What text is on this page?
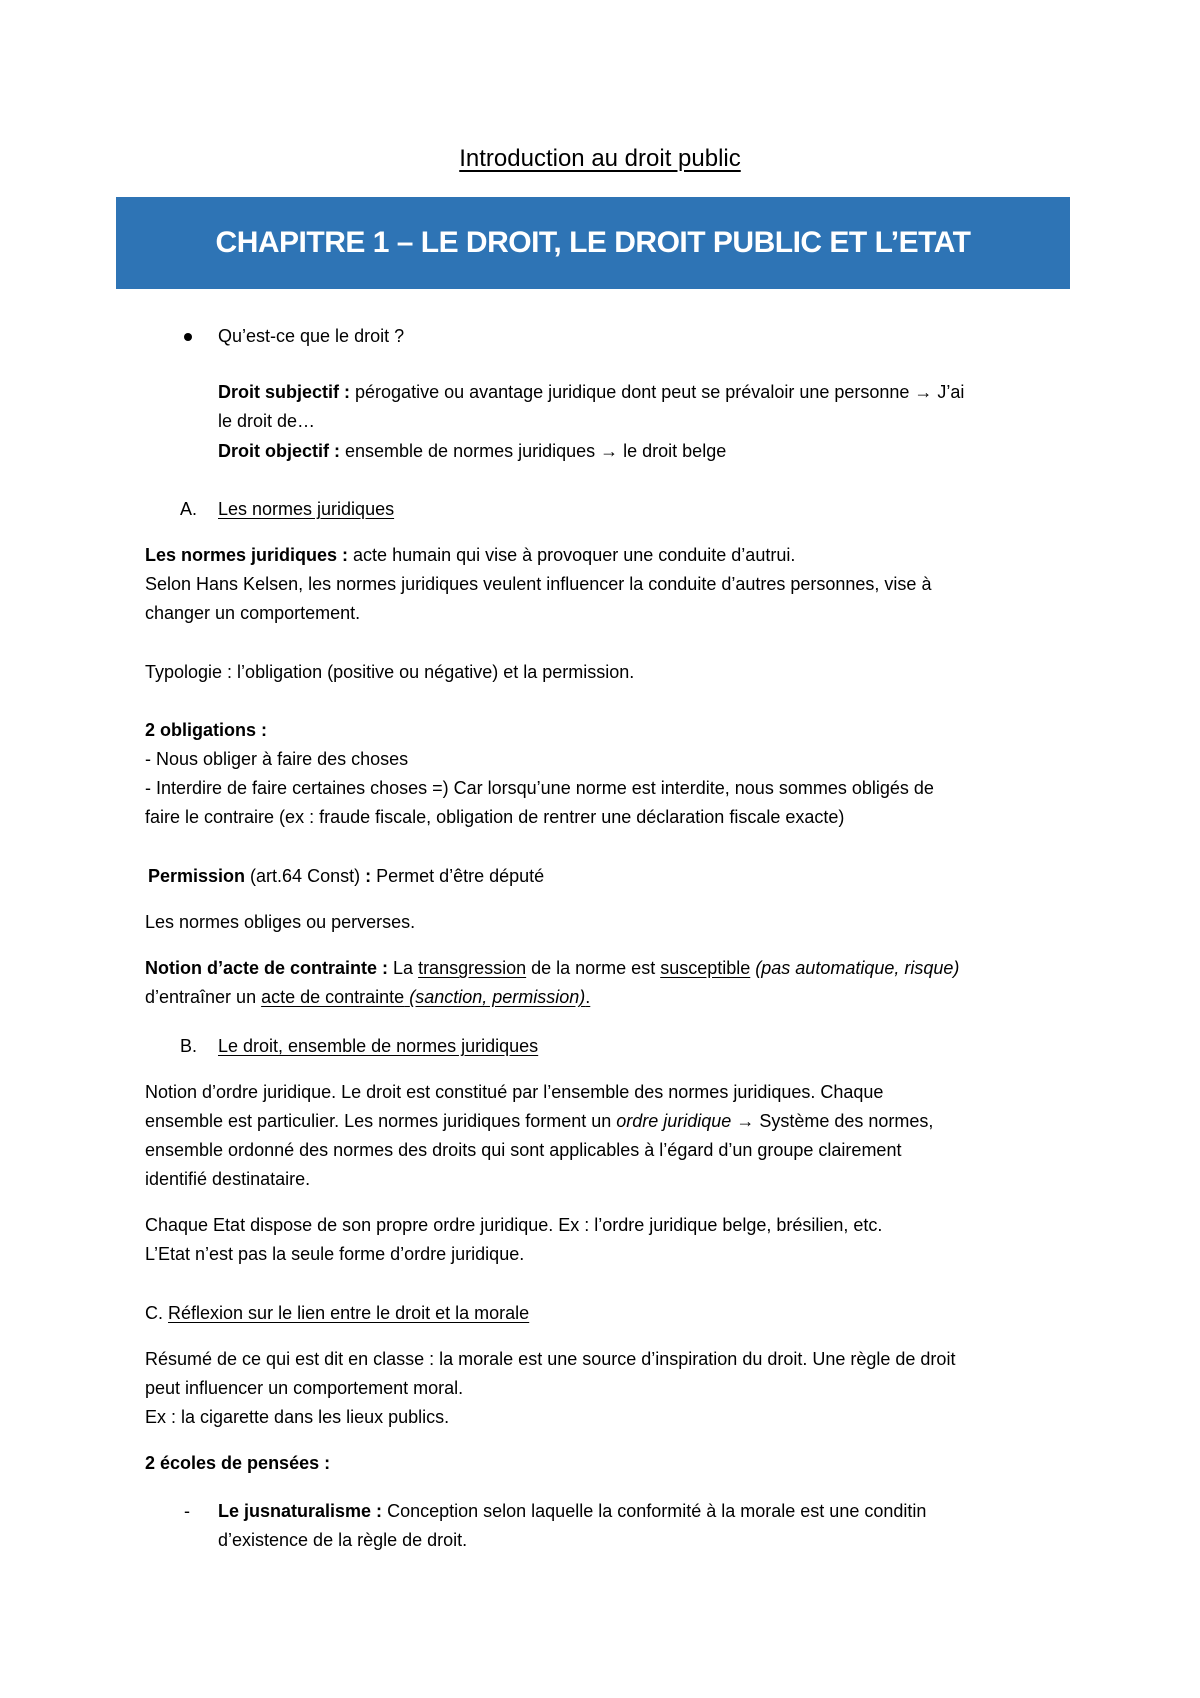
Introduction au droit public
CHAPITRE 1 – LE DROIT, LE DROIT PUBLIC ET L’ETAT
Qu’est-ce que le droit ?
Droit subjectif : pérogative ou avantage juridique dont peut se prévaloir une personne → J’ai
le droit de…
Droit objectif : ensemble de normes juridiques → le droit belge
A. Les normes juridiques
Les normes juridiques : acte humain qui vise à provoquer une conduite d’autrui.
Selon Hans Kelsen, les normes juridiques veulent influencer la conduite d’autres personnes, vise à
changer un comportement.
Typologie : l’obligation (positive ou négative) et la permission.
2 obligations :
- Nous obliger à faire des choses
- Interdire de faire certaines choses =) Car lorsqu’une norme est interdite, nous sommes obligés de
faire le contraire (ex : fraude fiscale, obligation de rentrer une déclaration fiscale exacte)
Permission (art.64 Const) : Permet d’être député
Les normes obliges ou perverses.
Notion d’acte de contrainte : La transgression de la norme est susceptible (pas automatique, risque)
d’entraîner un acte de contrainte (sanction, permission).
B. Le droit, ensemble de normes juridiques
Notion d’ordre juridique. Le droit est constitué par l’ensemble des normes juridiques. Chaque
ensemble est particulier. Les normes juridiques forment un ordre juridique → Système des normes,
ensemble ordonné des normes des droits qui sont applicables à l’égard d’un groupe clairement
identifié destinataire.
Chaque Etat dispose de son propre ordre juridique. Ex : l’ordre juridique belge, brésilien, etc.
L’Etat n’est pas la seule forme d’ordre juridique.
C. Réflexion sur le lien entre le droit et la morale
Résumé de ce qui est dit en classe : la morale est une source d’inspiration du droit. Une règle de droit
peut influencer un comportement moral.
Ex : la cigarette dans les lieux publics.
2 écoles de pensées :
- Le jusnaturalisme : Conception selon laquelle la conformité à la morale est une conditin
d’existence de la règle de droit.
